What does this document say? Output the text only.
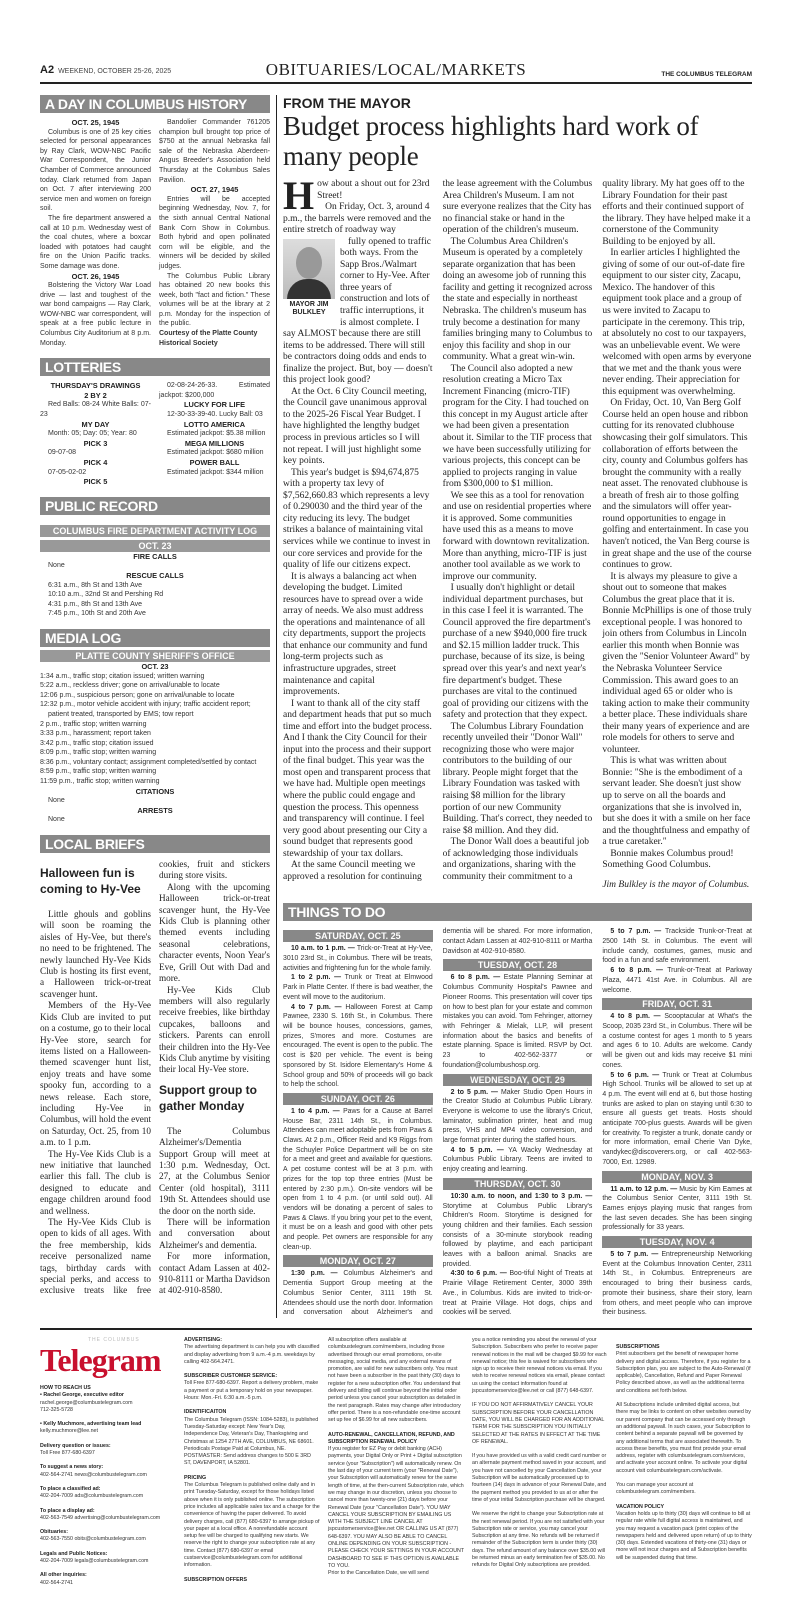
A2 WEEKEND, OCTOBER 25-26, 2025	OBITUARIES/LOCAL/MARKETS	THE COLUMBUS TELEGRAM
A DAY IN COLUMBUS HISTORY
OCT. 25, 1945
Columbus is one of 25 key cities selected for personal appearances by Ray Clark, WOW-NBC Pacific War Correspondent, the Junior Chamber of Commerce announced today. Clark returned from Japan on Oct. 7 after interviewing 200 service men and women on foreign soil.
The fire department answered a call at 10 p.m. Wednesday west of the coal chutes, where a boxcar loaded with potatoes had caught fire on the Union Pacific tracks. Some damage was done.
OCT. 26, 1945
Bolstering the Victory War Load drive — last and toughest of the war bond campaigns — Ray Clark, WOW-NBC war correspondent, will speak at a free public lecture in Columbus City Auditorium at 8 p.m. Monday.
Bandolier Commander 761205 champion bull brought top price of $750 at the annual Nebraska fall sale of the Nebraska Aberdeen-Angus Breeder's Association held Thursday at the Columbus Sales Pavilion.
OCT. 27, 1945
Entries will be accepted beginning Wednesday, Nov. 7, for the sixth annual Central National Bank Corn Show in Columbus. Both hybrid and open pollinated corn will be eligible, and the winners will be decided by skilled judges.
The Columbus Public Library has obtained 20 new books this week, both "fact and fiction." These volumes will be at the library at 2 p.m. Monday for the inspection of the public.
Courtesy of the Platte County Historical Society
LOTTERIES
THURSDAY'S DRAWINGS
2 BY 2
Red Balls: 08-24 White Balls: 07-23
MY DAY
Month: 05; Day: 05; Year: 80
PICK 3
09-07-08
PICK 4
07-05-02-02
PICK 5
02-08-24-26-33. Estimated jackpot: $200,000
LUCKY FOR LIFE
12-30-33-39-40. Lucky Ball: 03
LOTTO AMERICA
Estimated jackpot: $5.38 million
MEGA MILLIONS
Estimated jackpot: $680 million
POWER BALL
Estimated jackpot: $344 million
PUBLIC RECORD
COLUMBUS FIRE DEPARTMENT ACTIVITY LOG
OCT. 23
FIRE CALLS
None
RESCUE CALLS
6:31 a.m., 8th St and 13th Ave
10:10 a.m., 32nd St and Pershing Rd
4:31 p.m., 8th St and 13th Ave
7:45 p.m., 10th St and 20th Ave
MEDIA LOG
PLATTE COUNTY SHERIFF'S OFFICE
OCT. 23
1:34 a.m., traffic stop; citation issued; written warning
5:22 a.m., reckless driver; gone on arrival/unable to locate
12:06 p.m., suspicious person; gone on arrival/unable to locate
12:32 p.m., motor vehicle accident with injury; traffic accident report; patient treated, transported by EMS; tow report
2 p.m., traffic stop; written warning
3:33 p.m., harassment; report taken
3:42 p.m., traffic stop; citation issued
8:09 p.m., traffic stop; written warning
8:36 p.m., voluntary contact; assignment completed/settled by contact
8:59 p.m., traffic stop; written warning
11:59 p.m., traffic stop; written warning
CITATIONS
None
ARRESTS
None
LOCAL BRIEFS
Halloween fun is coming to Hy-Vee
Little ghouls and goblins will soon be roaming the aisles of Hy-Vee, but there's no need to be frightened. The newly launched Hy-Vee Kids Club is hosting its first event, a Halloween trick-or-treat scavenger hunt.
Members of the Hy-Vee Kids Club are invited to put on a costume, go to their local Hy-Vee store, search for items listed on a Halloween-themed scavenger hunt list, enjoy treats and have some spooky fun, according to a news release. Each store, including Hy-Vee in Columbus, will hold the event on Saturday, Oct. 25, from 10 a.m. to 1 p.m.
The Hy-Vee Kids Club is a new initiative that launched earlier this fall. The club is designed to educate and engage children around food and wellness.
The Hy-Vee Kids Club is open to kids of all ages. With the free membership, kids receive personalized name tags, birthday cards with special perks, and access to exclusive treats like free cookies, fruit and stickers during store visits.
Along with the upcoming Halloween trick-or-treat scavenger hunt, the Hy-Vee Kids Club is planning other themed events including seasonal celebrations, character events, Noon Year's Eve, Grill Out with Dad and more.
Hy-Vee Kids Club members will also regularly receive freebies, like birthday cupcakes, balloons and stickers. Parents can enroll their children into the Hy-Vee Kids Club anytime by visiting their local Hy-Vee store.
Support group to gather Monday
The Columbus Alzheimer's/Dementia Support Group will meet at 1:30 p.m. Wednesday, Oct. 27, at the Columbus Senior Center (old hospital), 3111 19th St. Attendees should use the door on the north side.
There will be information and conversation about Alzheimer's and dementia.
For more information, contact Adam Lassen at 402-910-8111 or Martha Davidson at 402-910-8580.
FROM THE MAYOR
Budget process highlights hard work of many people

How about a shout out for 23rd Street!

On Friday, Oct. 3, around 4 p.m., the barrels were removed and the entire stretch of roadway way

MAYOR JIM BULKLEY

fully opened to traffic both ways. From the Sapp Bros./Walmart corner to Hy-Vee. After three years of construction and lots of traffic interruptions, it is almost complete. I say ALMOST because there are still items to be addressed. There will still be contractors doing odds and ends to finalize the project. But, boy — doesn't this project look good?

At the Oct. 6 City Council meeting, the Council gave unanimous approval to the 2025-26 Fiscal Year Budget. I have highlighted the lengthy budget process in previous articles so I will not repeat. I will just highlight some key points.

This year's budget is $94,674,875 with a property tax levy of $7,562,660.83 which represents a levy of 0.290030 and the third year of the city reducing its levy. The budget strikes a balance of maintaining vital services while we continue to invest in our core services and provide for the quality of life our citizens expect.

It is always a balancing act when developing the budget. Limited resources have to spread over a wide array of needs. We also must address the operations and maintenance of all city departments, support the projects that enhance our community and fund long-term projects such as infrastructure upgrades, street maintenance and capital improvements.

I want to thank all of the city staff and department heads that put so much time and effort into the budget process. And I thank the City Council for their input into the process and their support of the final budget. This year was the most open and transparent process that we have had. Multiple open meetings where the public could engage and question the process. This openness and transparency will continue. I feel very good about presenting our City a sound budget that represents good stewardship of your tax dollars.

At the same Council meeting we approved a resolution for continuing the lease agreement with the Columbus Area Children's Museum. I am not sure everyone realizes that the City has no financial stake or hand in the operation of the children's museum.

The Columbus Area Children's Museum is operated by a completely separate organization that has been doing an awesome job of running this facility and getting it recognized across the state and especially in northeast Nebraska. The children's museum has truly become a destination for many families bringing many to Columbus to enjoy this facility and shop in our community. What a great win-win.

The Council also adopted a new resolution creating a Micro Tax Increment Financing (micro-TIF) program for the City. I had touched on this concept in my August article after we had been given a presentation about it. Similar to the TIF process that we have been successfully utilizing for various projects, this concept can be applied to projects ranging in value from $300,000 to $1 million.

We see this as a tool for renovation and use on residential properties where it is approved. Some communities have used this as a means to move forward with downtown revitalization. More than anything, micro-TIF is just another tool available as we work to improve our community.

I usually don't highlight or detail individual department purchases, but in this case I feel it is warranted. The Council approved the fire department's purchase of a new $940,000 fire truck and $2.15 million ladder truck. This purchase, because of its size, is being spread over this year's and next year's fire department's budget. These purchases are vital to the continued goal of providing our citizens with the safety and protection that they expect.

The Columbus Library Foundation recently unveiled their "Donor Wall" recognizing those who were major contributors to the building of our library. People might forget that the Library Foundation was tasked with raising $8 million for the library portion of our new Community Building. That's correct, they needed to raise $8 million. And they did.

The Donor Wall does a beautiful job of acknowledging those individuals and organizations, sharing with the community their commitment to a quality library. My hat goes off to the Library Foundation for their past efforts and their continued support of the library. They have helped make it a cornerstone of the Community Building to be enjoyed by all.

In earlier articles I highlighted the giving of some of our out-of-date fire equipment to our sister city, Zacapu, Mexico. The handover of this equipment took place and a group of us were invited to Zacapu to participate in the ceremony. This trip, at absolutely no cost to our taxpayers, was an unbelievable event. We were welcomed with open arms by everyone that we met and the thank yous were never ending. Their appreciation for this equipment was overwhelming.

On Friday, Oct. 10, Van Berg Golf Course held an open house and ribbon cutting for its renovated clubhouse showcasing their golf simulators. This collaboration of efforts between the city, county and Columbus golfers has brought the community with a really neat asset. The renovated clubhouse is a breath of fresh air to those golfing and the simulators will offer year-round opportunities to engage in golfing and entertainment. In case you haven't noticed, the Van Berg course is in great shape and the use of the course continues to grow.

It is always my pleasure to give a shout out to someone that makes Columbus the great place that it is. Bonnie McPhillips is one of those truly exceptional people. I was honored to join others from Columbus in Lincoln earlier this month when Bonnie was given the "Senior Volunteer Award" by the Nebraska Volunteer Service Commission. This award goes to an individual aged 65 or older who is taking action to make their community a better place. These individuals share their many years of experience and are role models for others to serve and volunteer.

This is what was written about Bonnie: "She is the embodiment of a servant leader. She doesn't just show up to serve on all the boards and organizations that she is involved in, but she does it with a smile on her face and the thoughtfulness and empathy of a true caretaker."

Bonnie makes Columbus proud! Something Good Columbus.

Jim Bulkley is the mayor of Columbus.

THINGS TO DO
SATURDAY, OCT. 25
10 a.m. to 1 p.m. — Trick-or-Treat at Hy-Vee, 3010 23rd St., in Columbus. There will be treats, activities and frightening fun for the whole family.
1 to 2 p.m. — Trunk or Treat at Elmwood Park in Platte Center. If there is bad weather, the event will move to the auditorium.
4 to 7 p.m. — Halloween Forest at Camp Pawnee, 2330 S. 16th St., in Columbus. There will be bounce houses, concessions, games, prizes, S'mores and more. Costumes are encouraged. The event is open to the public. The cost is $20 per vehicle. The event is being sponsored by St. Isidore Elementary's Home & School group and 50% of proceeds will go back to help the school.
SUNDAY, OCT. 26
1 to 4 p.m. — Paws for a Cause at Barrel House Bar, 2311 14th St., in Columbus. Attendees can meet adoptable pets from Paws & Claws. At 2 p.m., Officer Reid and K9 Riggs from the Schuyler Police Department will be on site for a meet and greet and available for questions. A pet costume contest will be at 3 p.m. with prizes for the top top three entries (Must be entered by 2:30 p.m.). On-site vendors will be open from 1 to 4 p.m. (or until sold out). All vendors will be donating a percent of sales to Paws & Claws. If you bring your pet to the event, it must be on a leash and good with other pets and people. Pet owners are responsible for any clean-up.
MONDAY, OCT. 27
1:30 p.m. — Columbus Alzheimer's and Dementia Support Group meeting at the Columbus Senior Center, 3111 19th St. Attendees should use the north door. Information and conversation about Alzheimer's and dementia will be shared. For more information, contact Adam Lassen at 402-910-8111 or Martha Davidson at 402-910-8580.
TUESDAY, OCT. 28
6 to 8 p.m. — Estate Planning Seminar at Columbus Community Hospital's Pawnee and Pioneer Rooms. This presentation will cover tips on how to best plan for your estate and common mistakes you can avoid. Tom Fehringer, attorney with Fehringer & Mielak, LLP, will present information about the basics and benefits of estate planning. Space is limited. RSVP by Oct. 23 to 402-562-3377 or foundation@columbushosp.org.
WEDNESDAY, OCT. 29
2 to 5 p.m. — Maker Studio Open Hours in the Creator Studio at Columbus Public Library. Everyone is welcome to use the library's Cricut, laminator, sublimation printer, heat and mug press, VHS and MP4 video conversion, and large format printer during the staffed hours.
4 to 5 p.m. — YA Wacky Wednesday at Columbus Public Library. Teens are invited to enjoy creating and learning.
THURSDAY, OCT. 30
10:30 a.m. to noon, and 1:30 to 3 p.m. — Storytime at Columbus Public Library's Children's Room. Storytime is designed for young children and their families. Each session consists of a 30-minute storybook reading followed by playtime, and each participant leaves with a balloon animal. Snacks are provided.
4:30 to 6 p.m. — Boo-tiful Night of Treats at Prairie Village Retirement Center, 3000 39th Ave., in Columbus. Kids are invited to trick-or-treat at Prairie Village. Hot dogs, chips and cookies will be served.
5 to 7 p.m. — Trackside Trunk-or-Treat at 2500 14th St. in Columbus. The event will include candy, costumes, games, music and food in a fun and safe environment.
6 to 8 p.m. — Trunk-or-Treat at Parkway Plaza, 4471 41st Ave. in Columbus. All are welcome.
FRIDAY, OCT. 31
4 to 8 p.m. — Scooptacular at What's the Scoop, 2035 23rd St., in Columbus. There will be a costume contest for ages 1 month to 5 years and ages 6 to 10. Adults are welcome. Candy will be given out and kids may receive $1 mini cones.
5 to 6 p.m. — Trunk or Treat at Columbus High School. Trunks will be allowed to set up at 4 p.m. The event will end at 6, but those hosting trunks are asked to plan on staying until 6:30 to ensure all guests get treats. Hosts should anticipate 700-plus guests. Awards will be given for creativity. To register a trunk, donate candy or for more information, email Cherie Van Dyke, vandykec@discoverers.org, or call 402-563-7000, Ext. 12989.
MONDAY, NOV. 3
11 a.m. to 12 p.m. — Music by Kim Eames at the Columbus Senior Center, 3111 19th St. Eames enjoys playing music that ranges from the last seven decades. She has been singing professionally for 33 years.
TUESDAY, NOV. 4
5 to 7 p.m. — Entrepreneurship Networking Event at the Columbus Innovation Center, 2311 14th St., in Columbus. Entrepreneurs are encouraged to bring their business cards, promote their business, share their story, learn from others, and meet people who can improve their business.
THE COLUMBUS
Telegram
HOW TO REACH US
• Rachel George, executive editor
rachel.george@columbustelegram.com
712-325-5728
• Kelly Muchmore, advertising team lead
kelly.muchmore@lee.net
Delivery question or issues:
Toll Free 877-680-6397
To suggest a news story:
402-564-2741 news@columbustelegram.com
To place a classified ad:
402-204-7009 ads@columbustelegram.com
To place a display ad:
402-563-7549 advertising@columbustelegram.com
Obituaries:
402-563-7550 obits@columbustelegram.com
Legals and Public Notices:
402-204-7009 legals@columbustelegram.com
All other inquiries:
402-564-2741
ADVERTISING:
The advertising department is can help you with classified and display advertising from 9 a.m.-4 p.m. weekdays by calling 402-564.2471.
SUBSCRIBER CUSTOMER SERVICE:
Toll Free 877-680-6397. Report a delivery problem, make a payment or put a temporary hold on your newspaper. Hours: Mon.-Fri. 6:30 a.m.-5 p.m.
IDENTIFICAITON
The Columbus Telegram (ISSN: 1084-5283), is published Tuesday-Saturday except: New Year's Day, Independence Day, Veteran's Day, Thanksgiving and Christmas at 1254 27TH AVE, COLUMBUS, NE 68601. Periodicals Postage Paid at Columbus, NE. POSTMASTER: Send address changes to 500 E 3RD ST, DAVENPORT, IA 52801.
PRICING
The Columbus Telegram is published online daily and in print Tuesday-Saturday, except for those holidays listed above when it is only published online. The subscription price includes all applicable sales tax and a charge for the convenience of having the paper delivered. To avoid delivery charges, call (877) 680-6397 to arrange pickup of your paper at a local office. A nonrefundable account setup fee will be charged to qualifying new starts. We reserve the right to change your subscription rate at any time. Contact (877) 680-6397 or email custservice@columbustelegram.com for additional information.
SUBSCRIPTION OFFERS
All subscription offers available at columbustelegram.com/members, including those advertised through our email promotions, on-site messaging, social media, and any external means of promotion, are valid for new subscribers only. You must not have been a subscriber in the past thirty (30) days to register for a new subscription offer. You understand that delivery and billing will continue beyond the initial order period unless you cancel your subscription as detailed in the next paragraph. Rates may change after introductory offer period. There is a non-refundable one-time account set up fee of $6.99 for all new subscribers.
AUTO-RENEWAL, CANCELLATION, REFUND, AND SUBSCRIPTION RENEWAL POLICY
If you register for EZ Pay or debit banking (ACH) payments, your Digital Only or Print + Digital subscription service (your "Subscription") will automatically renew. On the last day of your current term (your "Renewal Date"), your Subscription will automatically renew for the same length of time, at the then-current Subscription rate, which we may change in our discretion, unless you choose to cancel more than twenty-one (21) days before your Renewal Date (your "Cancellation Date"). YOU MAY CANCEL YOUR SUBSCRIPTION BY EMAILING US WITH THE SUBJECT LINE CANCEL AT jspcustomerservice@lee.net OR CALLING US AT (877) 648-6397. YOU MAY ALSO BE ABLE TO CANCEL ONLINE DEPENDING ON YOUR SUBSCRIPTION - PLEASE CHECK YOUR SETTINGS IN YOUR ACCOUNT DASHBOARD TO SEE IF THIS OPTION IS AVAILABLE TO YOU.
Prior to the Cancellation Date, we will send
you a notice reminding you about the renewal of your Subscription. Subscribers who prefer to receive paper renewal notices in the mail will be charged $9.99 for each renewal notice; this fee is waived for subscribers who sign up to receive their renewal notices via email. If you wish to receive renewal notices via email, please contact us using the contact information found at jspcustomerservice@lee.net or call (877) 648-6397.
IF YOU DO NOT AFFIRMATIVELY CANCEL YOUR SUBSCRIPTION BEFORE YOUR CANCELLATION DATE, YOU WILL BE CHARGED FOR AN ADDITIONAL TERM FOR THE SUBSCRIPTION YOU INITIALLY SELECTED AT THE RATES IN EFFECT AT THE TIME OF RENEWAL.
If you have provided us with a valid credit card number or an alternate payment method saved in your account, and you have not cancelled by your Cancellation Date, your Subscription will be automatically processed up to fourteen (14) days in advance of your Renewal Date, and the payment method you provided to us at or after the time of your initial Subscription purchase will be charged.
We reserve the right to change your Subscription rate at the next renewal period. If you are not satisfied with your Subscription rate or service, you may cancel your Subscription at any time. No refunds will be returned if remainder of the Subscription term is under thirty (30) days. The refund amount of any balance over $35.00 will be returned minus an early termination fee of $35.00. No refunds for Digital Only subscriptions are provided.
SUBSCRIPTIONS
Print subscribers get the benefit of newspaper home delivery and digital access. Therefore, if you register for a Subscription plan, you are subject to the Auto-Renewal (if applicable), Cancellation, Refund and Paper Renewal Policy described above, as well as the additional terms and conditions set forth below.
All Subscriptions include unlimited digital access, but there may be links to content on other websites owned by our parent company that can be accessed only through an additional paywall. In such cases, your Subscription to content behind a separate paywall will be governed by any additional terms that are associated therewith. To access these benefits, you must first provide your email address, register with columbustelegram.com/services, and activate your account online. To activate your digital account visit columbustelegram.com/activate.
You can manage your account at columbustelegram.com/members.
VACATION POLICY
Vacation holds up to thirty (30) days will continue to bill at regular rate while full digital access is maintained, and you may request a vacation pack (print copies of the newspapers held and delivered upon return) of up to thirty (30) days. Extended vacations of thirty-one (31) days or more will not incur charges and all Subscription benefits will be suspended during that time.
